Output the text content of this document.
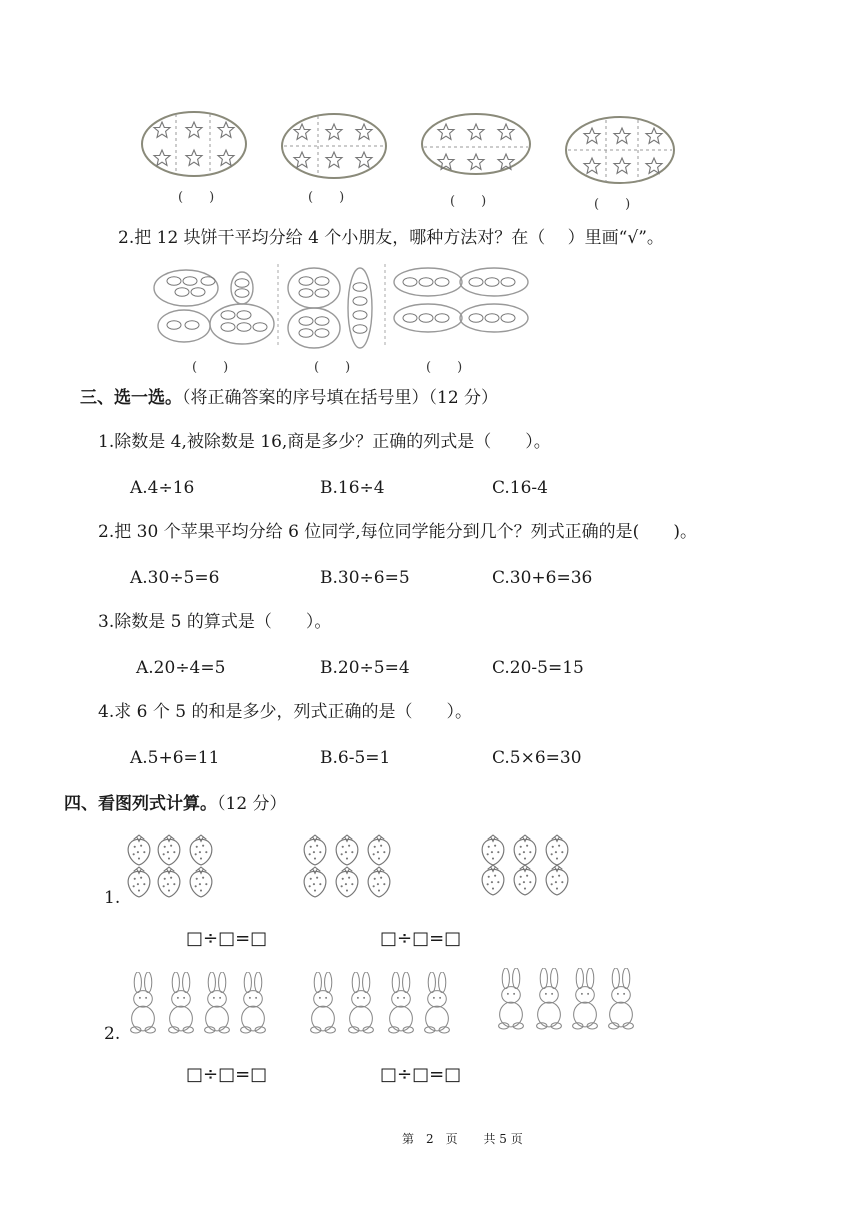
(　　)	(　　)	(　　)	(　　)
2.把 12 块饼干平均分给 4 个小朋友，哪种方法对？在（　 ）里画“√”。
(　　)	(　　)	(　　)
三、选一选。（将正确答案的序号填在括号里）（12 分）
1.除数是 4,被除数是 16,商是多少？正确的列式是（　　）。
A.4÷16	B.16÷4	C.16-4
2.把 30 个苹果平均分给 6 位同学,每位同学能分到几个？列式正确的是(　　)。
A.30÷5=6	B.30÷6=5	C.30+6=36
3.除数是 5 的算式是（　　）。
A.20÷4=5	B.20÷5=4	C.20-5=15
4.求 6 个 5 的和是多少，列式正确的是（　　）。
A.5+6=11	B.6-5=1	C.5×6=30
四、看图列式计算。（12 分）
1.
□÷□=□	□÷□=□
2.
□÷□=□	□÷□=□
第　2　页 共 5 页
